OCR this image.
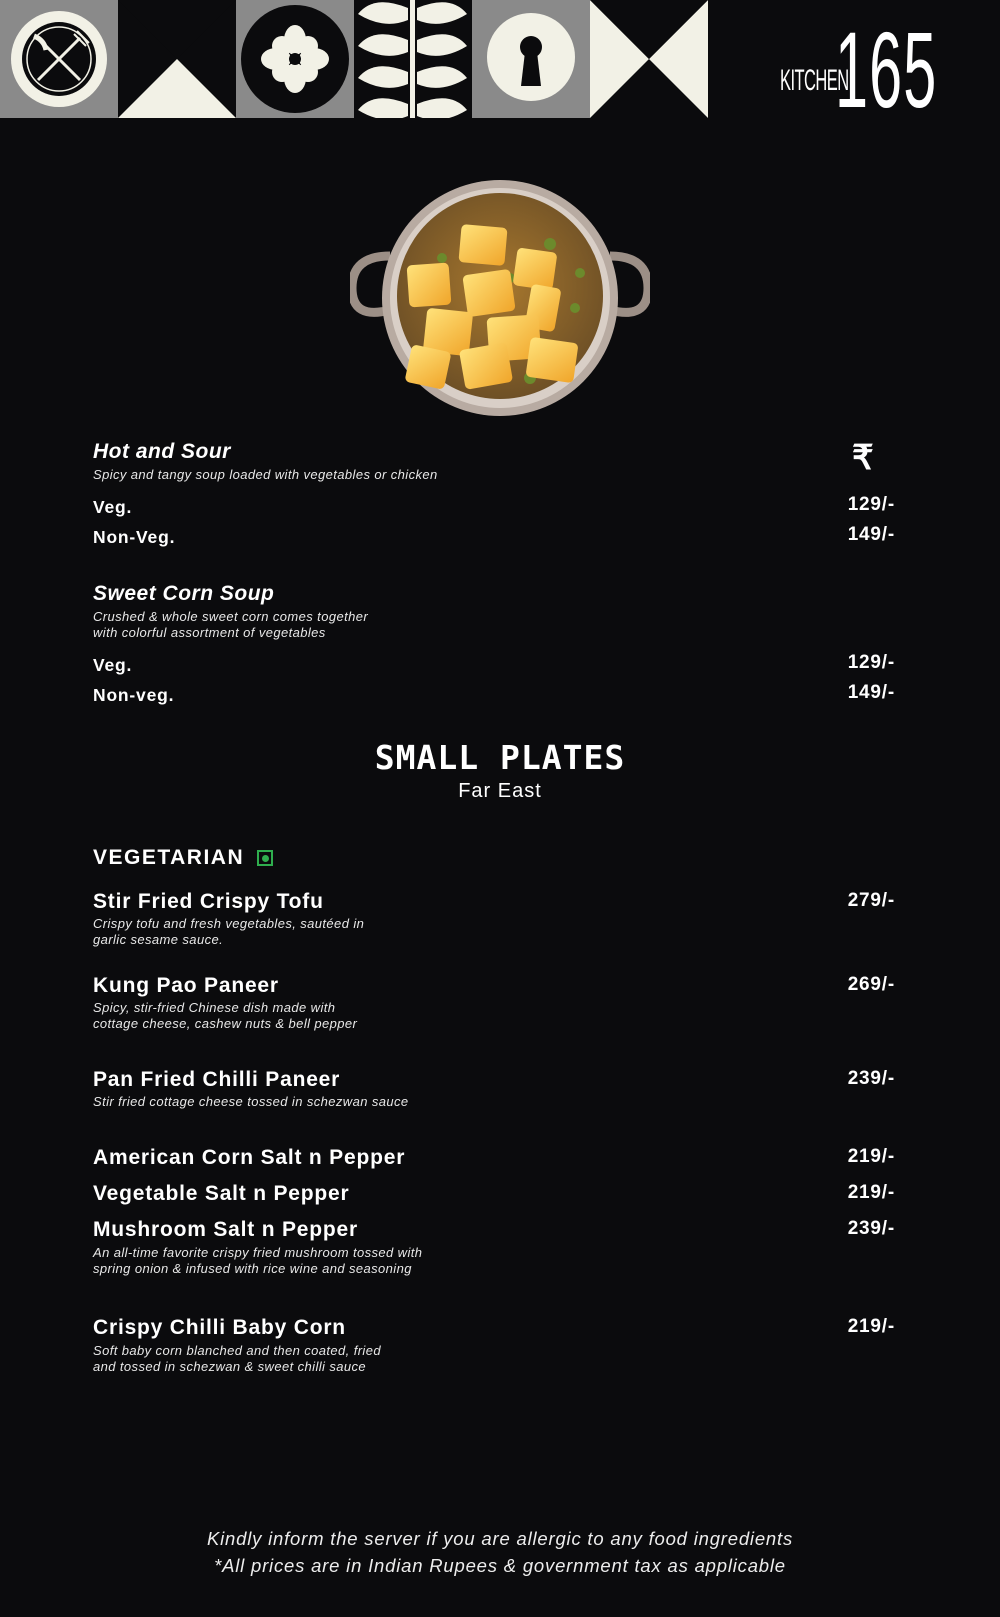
KITCHEN
165
₹
Hot and Sour
Spicy and tangy soup loaded with vegetables or chicken
Veg.	129/-
Non-Veg.	149/-
Sweet Corn Soup
Crushed & whole sweet corn comes together
with colorful assortment of vegetables
Veg.	129/-
Non-veg.	149/-
SMALL PLATES
Far East
VEGETARIAN
Stir Fried Crispy Tofu	279/-
Crispy tofu and fresh vegetables, sautéed in
garlic sesame sauce.
Kung Pao Paneer	269/-
Spicy, stir-fried Chinese dish made with
cottage cheese, cashew nuts & bell pepper
Pan Fried Chilli Paneer	239/-
Stir fried cottage cheese tossed in schezwan sauce
American Corn Salt n Pepper	219/-
Vegetable Salt n Pepper	219/-
Mushroom Salt n Pepper	239/-
An all-time favorite crispy fried mushroom tossed with
spring onion & infused with rice wine and seasoning
Crispy Chilli Baby Corn	219/-
Soft baby corn blanched and then coated, fried
and tossed in schezwan & sweet chilli sauce
Kindly inform the server if you are allergic to any food ingredients
*All prices are in Indian Rupees & government tax as applicable
